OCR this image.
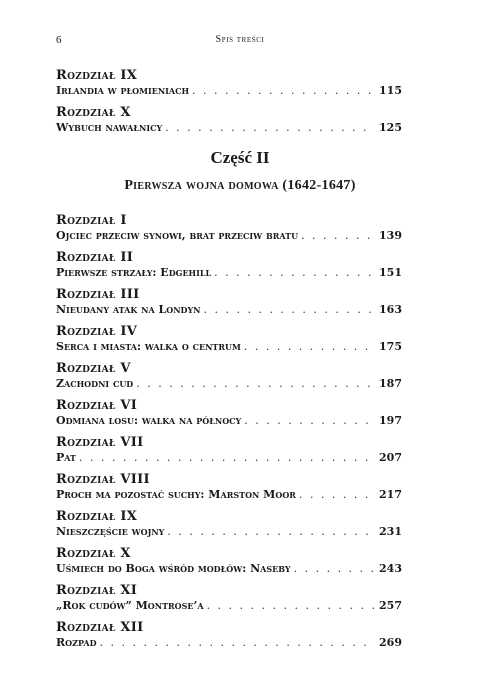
6	Spis treści
Rozdział IX
Irlandia w płomieniach . . .	115
Rozdział X
Wybuch nawałnicy . . .	125
Część II
Pierwsza wojna domowa (1642-1647)
Rozdział I
Ojciec przeciw synowi, brat przeciw bratu . . .	139
Rozdział II
Pierwsze strzały: Edgehill . . .	151
Rozdział III
Nieudany atak na Londyn . . .	163
Rozdział IV
Serca i miasta: walka o centrum . . .	175
Rozdział V
Zachodni cud . . .	187
Rozdział VI
Odmiana losu: walka na północy . . .	197
Rozdział VII
Pat . . .	207
Rozdział VIII
Proch ma pozostać suchy: Marston Moor . . .	217
Rozdział IX
Nieszczęście wojny . . .	231
Rozdział X
Uśmiech do Boga wśród modłów: Naseby . . .	243
Rozdział XI
„Rok cudów” Montrose’a . . .	257
Rozdział XII
Rozpad . . .	269
